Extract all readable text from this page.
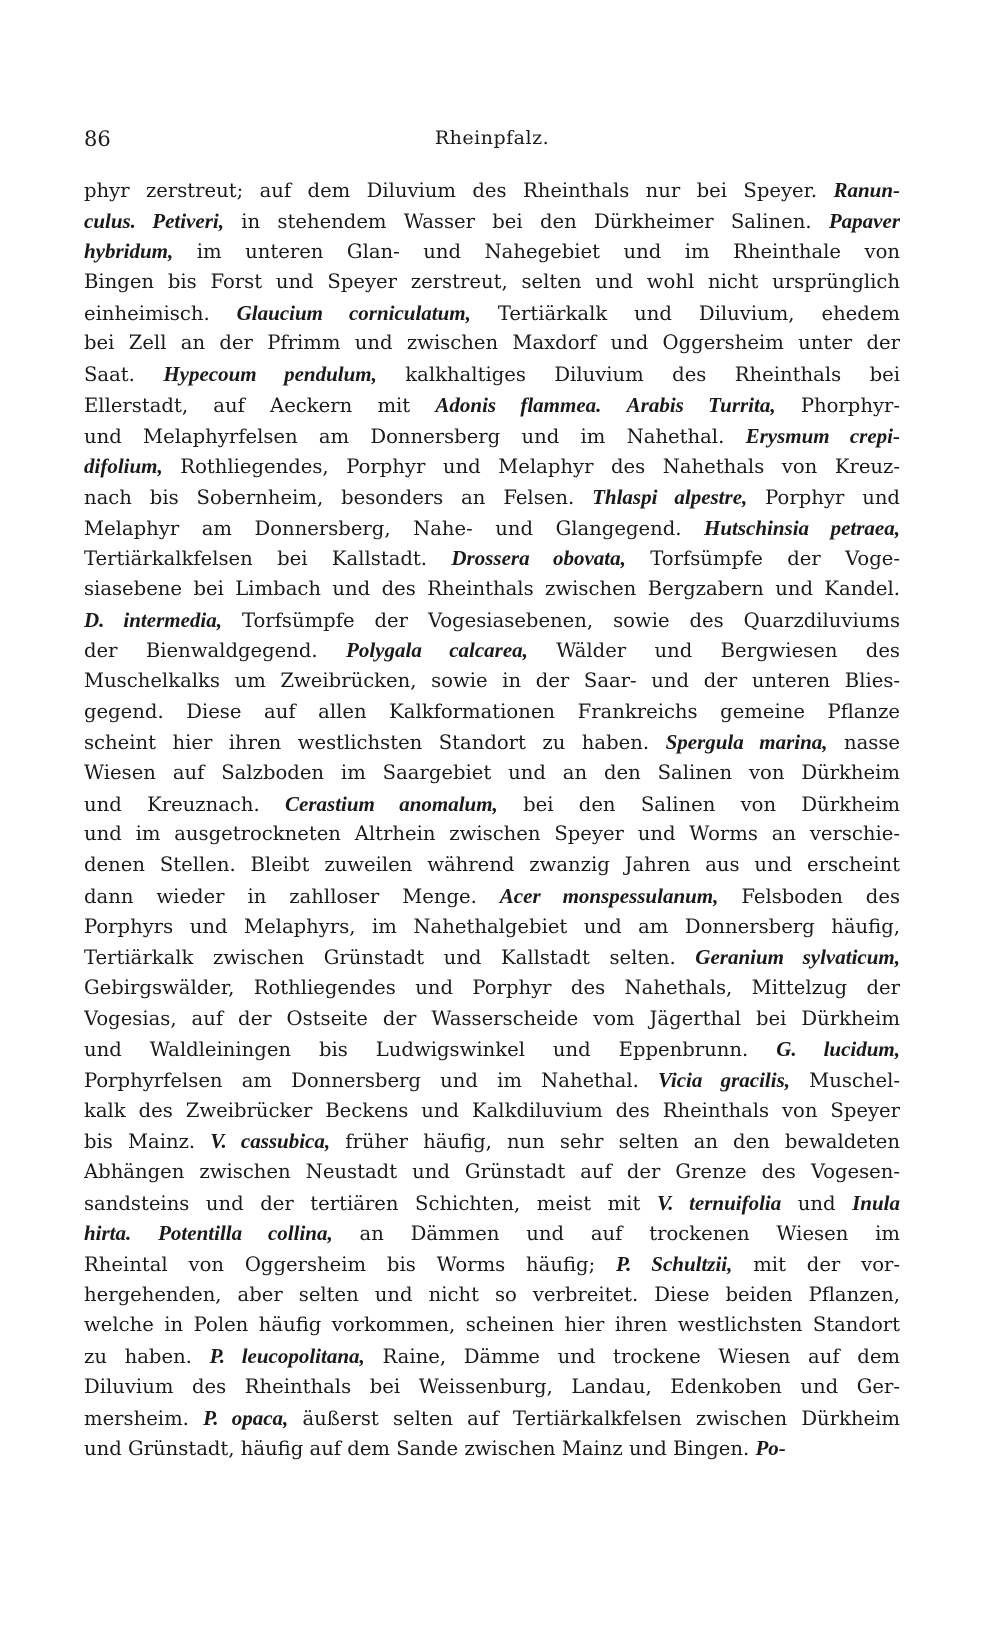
86	Rheinpfalz.
phyr zerstreut; auf dem Diluvium des Rheinthals nur bei Speyer. Ranun-
culus. Petiveri, in stehendem Wasser bei den Dürkheimer Salinen. Papaver
hybridum, im unteren Glan- und Nahegebiet und im Rheinthale von
Bingen bis Forst und Speyer zerstreut, selten und wohl nicht ursprünglich
einheimisch. Glaucium corniculatum, Tertiärkalk und Diluvium, ehedem
bei Zell an der Pfrimm und zwischen Maxdorf und Oggersheim unter der
Saat. Hypecoum pendulum, kalkhaltiges Diluvium des Rheinthals bei
Ellerstadt, auf Aeckern mit Adonis flammea. Arabis Turrita, Phorphyr-
und Melaphyrfelsen am Donnersberg und im Nahethal. Erysmum crepi-
difolium, Rothliegendes, Porphyr und Melaphyr des Nahethals von Kreuz-
nach bis Sobernheim, besonders an Felsen. Thlaspi alpestre, Porphyr und
Melaphyr am Donnersberg, Nahe- und Glangegend. Hutschinsia petraea,
Tertiärkalkfelsen bei Kallstadt. Drossera obovata, Torfsümpfe der Voge-
siasebene bei Limbach und des Rheinthals zwischen Bergzabern und Kandel.
D. intermedia, Torfsümpfe der Vogesiasebenen, sowie des Quarzdiluviums
der Bienwaldgegend. Polygala calcarea, Wälder und Bergwiesen des
Muschelkalks um Zweibrücken, sowie in der Saar- und der unteren Blies-
gegend. Diese auf allen Kalkformationen Frankreichs gemeine Pflanze
scheint hier ihren westlichsten Standort zu haben. Spergula marina, nasse
Wiesen auf Salzboden im Saargebiet und an den Salinen von Dürkheim
und Kreuznach. Cerastium anomalum, bei den Salinen von Dürkheim
und im ausgetrockneten Altrhein zwischen Speyer und Worms an verschie-
denen Stellen. Bleibt zuweilen während zwanzig Jahren aus und erscheint
dann wieder in zahlloser Menge. Acer monspessulanum, Felsboden des
Porphyrs und Melaphyrs, im Nahethalgebiet und am Donnersberg häufig,
Tertiärkalk zwischen Grünstadt und Kallstadt selten. Geranium sylvaticum,
Gebirgswälder, Rothliegendes und Porphyr des Nahethals, Mittelzug der
Vogesias, auf der Ostseite der Wasserscheide vom Jägerthal bei Dürkheim
und Waldleiningen bis Ludwigswinkel und Eppenbrunn. G. lucidum,
Porphyrfelsen am Donnersberg und im Nahethal. Vicia gracilis, Muschel-
kalk des Zweibrücker Beckens und Kalkdiluvium des Rheinthals von Speyer
bis Mainz. V. cassubica, früher häufig, nun sehr selten an den bewaldeten
Abhängen zwischen Neustadt und Grünstadt auf der Grenze des Vogesen-
sandsteins und der tertiären Schichten, meist mit V. ternuifolia und Inula
hirta. Potentilla collina, an Dämmen und auf trockenen Wiesen im
Rheintal von Oggersheim bis Worms häufig; P. Schultzii, mit der vor-
hergehenden, aber selten und nicht so verbreitet. Diese beiden Pflanzen,
welche in Polen häufig vorkommen, scheinen hier ihren westlichsten Standort
zu haben. P. leucopolitana, Raine, Dämme und trockene Wiesen auf dem
Diluvium des Rheinthals bei Weissenburg, Landau, Edenkoben und Ger-
mersheim. P. opaca, äußerst selten auf Tertiärkalkfelsen zwischen Dürkheim
und Grünstadt, häufig auf dem Sande zwischen Mainz und Bingen. Po-
